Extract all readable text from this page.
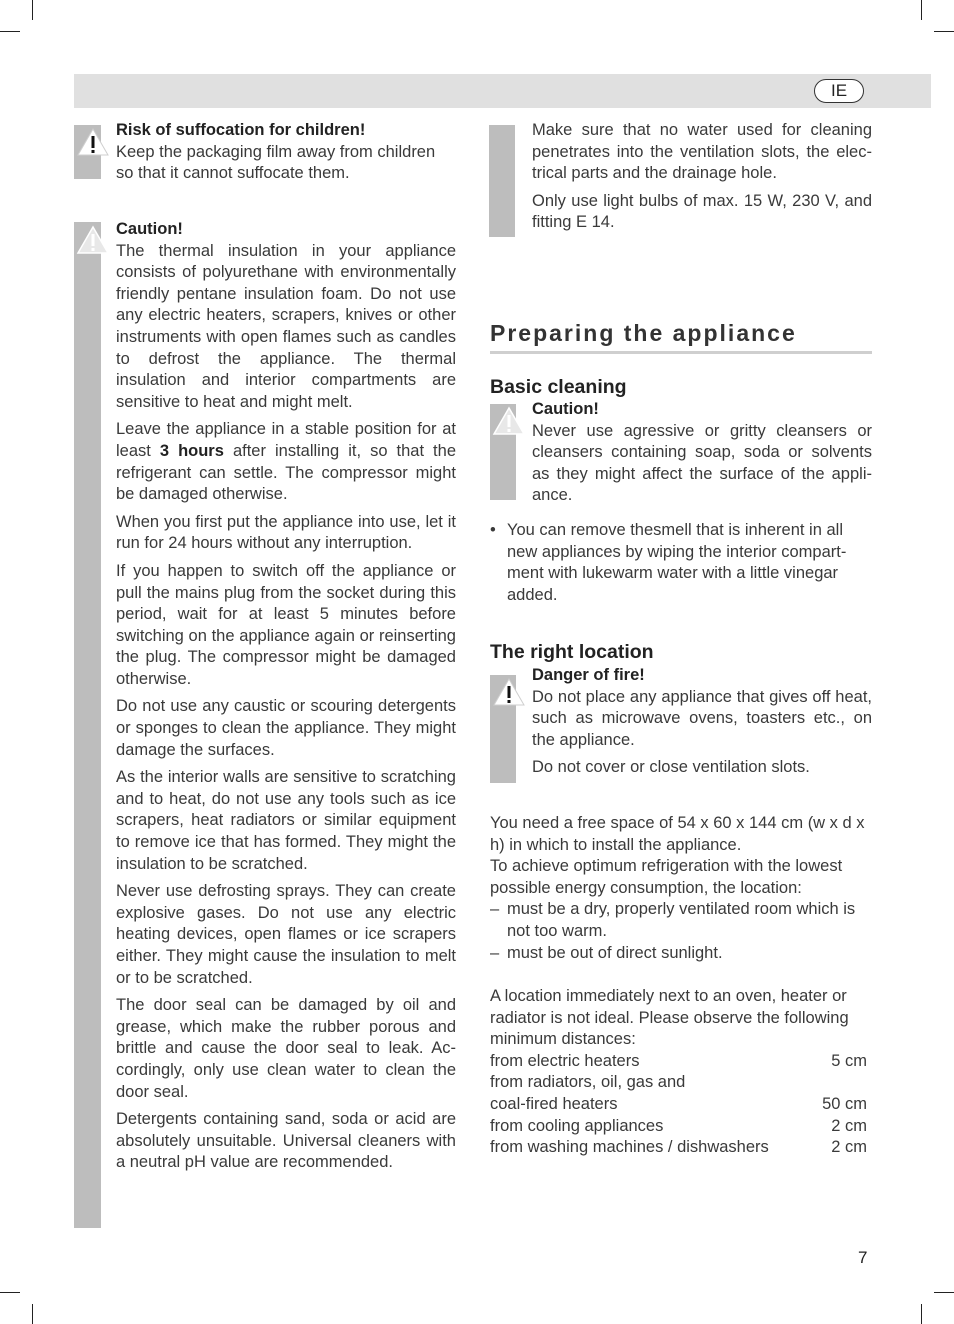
IE
Risk of suffocation for children!
Keep the packaging film away from children so that it cannot suffocate them.
Caution!

The thermal insulation in your appliance consists of polyurethane with environmentally friendly pentane insulation foam. Do not use any electric heaters, scrapers, knives or other instruments with open flames such as candles to defrost the appliance. The thermal insulation and interior compartments are sensitive to heat and might melt.

Leave the appliance in a stable position for at least 3 hours after installing it, so that the refrigerant can settle. The compressor might be damaged otherwise.

When you first put the appliance into use, let it run for 24 hours without any interruption.

If you happen to switch off the appliance or pull the mains plug from the socket during this period, wait for at least 5 minutes before switching on the appliance again or reinserting the plug. The compressor might be damaged otherwise.

Do not use any caustic or scouring detergents or sponges to clean the appliance. They might damage the surfaces.

As the interior walls are sensitive to scratching and to heat, do not use any tools such as ice scrapers, heat radiators or similar equipment to remove ice that has formed. They might the insulation to be scratched.

Never use defrosting sprays. They can create explosive gases. Do not use any electric heating devices, open flames or ice scrapers either. They might cause the insulation to melt or to be scratched.

The door seal can be damaged by oil and grease, which make the rubber porous and brittle and cause the door seal to leak. Accordingly, only use clean water to clean the door seal.

Detergents containing sand, soda or acid are absolutely unsuitable. Universal cleaners with a neutral pH value are recommended.

Make sure that no water used for cleaning penetrates into the ventilation slots, the electrical parts and the drainage hole.

Only use light bulbs of max. 15 W, 230 V, and fitting E 14.

Preparing the appliance
Basic cleaning
Caution!
Never use agressive or gritty cleansers or cleansers containing soap, soda or solvents as they might affect the surface of the appliance.
• You can remove thesmell that is inherent in all new appliances by wiping the interior compartment with lukewarm water with a little vinegar added.
The right location
Danger of fire!

Do not place any appliance that gives off heat, such as microwave ovens, toasters etc., on the appliance.

Do not cover or close ventilation slots.

You need a free space of 54 x 60 x 144 cm (w x d x h) in which to install the appliance.
To achieve optimum refrigeration with the lowest possible energy consumption, the location:
– must be a dry, properly ventilated room which is not too warm.
– must be out of direct sunlight.
A location immediately next to an oven, heater or radiator is not ideal. Please observe the following minimum distances:
from electric heaters	5 cm
from radiators, oil, gas and
coal-fired heaters	50 cm
from cooling appliances	2 cm
from washing machines / dishwashers	2 cm
7
